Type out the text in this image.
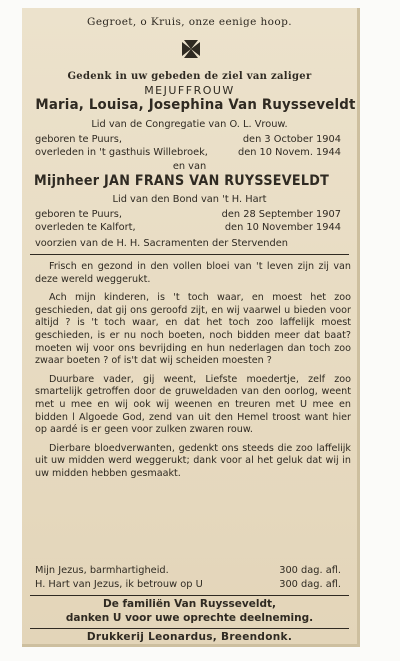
Gegroet, o Kruis, onze eenige hoop.
Gedenk in uw gebeden de ziel van zaliger
MEJUFFROUW
Maria, Louisa, Josephina Van Ruysseveldt
Lid van de Congregatie van O. L. Vrouw.
geboren te Puurs,	den 3 October 1904
overleden in 't gasthuis Willebroek,	den 10 Novem. 1944
en van
Mijnheer JAN FRANS VAN RUYSSEVELDT
Lid van den Bond van 't H. Hart
geboren te Puurs,	den 28 September 1907
overleden te Kalfort,	den 10 November 1944
voorzien van de H. H. Sacramenten der Stervenden

Frisch en gezond in den vollen bloei van 't leven zijn zij van deze wereld weggerukt.

Ach mijn kinderen, is 't toch waar, en moest het zoo geschieden, dat gij ons geroofd zijt, en wij vaarwel u bieden voor altijd ? is 't toch waar, en dat het toch zoo laffelijk moest geschieden, is er nu noch boeten, noch bidden meer dat baat? moeten wij voor ons bevrijding en hun nederlagen dan toch zoo zwaar boeten ? of is't dat wij scheiden moesten ?

Duurbare vader, gij weent, Liefste moedertje, zelf zoo smartelijk getroffen door de gruweldaden van den oorlog, weent met u mee en wij ook wij weenen en treuren met U mee en bidden l Algoede God, zend van uit den Hemel troost want hier op aardé is er geen voor zulken zwaren rouw.

Dierbare bloedverwanten, gedenkt ons steeds die zoo laffelijk uit uw midden werd weggerukt; dank voor al het geluk dat wij in uw midden hebben gesmaakt.

Mijn Jezus, barmhartigheid.	300 dag. afl.
H. Hart van Jezus, ik betrouw op U	300 dag. afl.
De familiën Van Ruysseveldt,
danken U voor uwe oprechte deelneming.
Drukkerij Leonardus, Breendonk.
